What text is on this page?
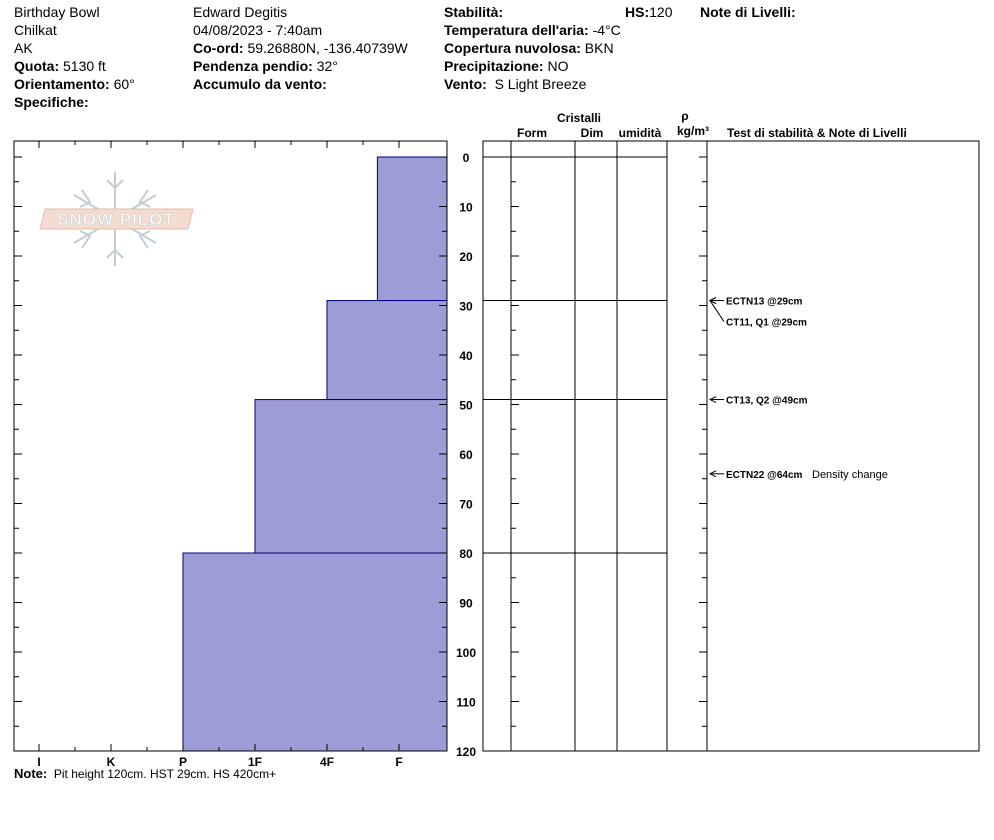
Birthday Bowl
Chilkat
AK
Quota: 5130 ft
Orientamento: 60°
Specifiche:
Edward Degitis
04/08/2023 - 7:40am
Co-ord: 59.26880N, -136.40739W
Pendenza pendio: 32°
Accumulo da vento:
Stabilità:	HS:120
Temperatura dell'aria: -4°C
Copertura nuvolosa: BKN
Precipitazione: NO
Vento: S Light Breeze
Note di Livelli:
SNOW PILOT
I	K	P	1F	4F	F
0
10
20
30
40
50
60
70
80
90
100
110
120
ECTN13 @29cm
CT11, Q1 @29cm
CT13, Q2 @49cm
ECTN22 @64cm Density change
Cristalli
Form	Dim umidità
ρ
kg/m³ Test di stabilità & Note di Livelli
Note: Pit height 120cm. HST 29cm. HS 420cm+
